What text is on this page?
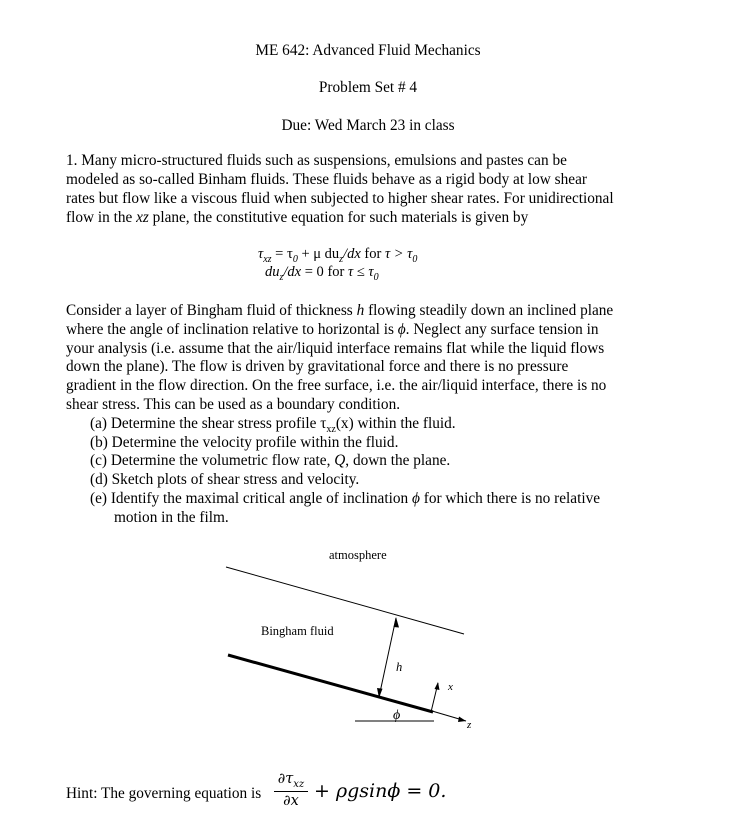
ME 642: Advanced Fluid Mechanics
Problem Set # 4
Due: Wed March 23 in class
1. Many micro-structured fluids such as suspensions, emulsions and pastes can be
modeled as so-called Binham fluids. These fluids behave as a rigid body at low shear
rates but flow like a viscous fluid when subjected to higher shear rates. For unidirectional
flow in the xz plane, the constitutive equation for such materials is given by
$\tau_{xz} = \tau_0 + \mu$ $du_z/dx$ for $\tau > \tau_0$
$du_z/dx = 0$ for $\tau \le \tau_0$
Consider a layer of Bingham fluid of thickness h flowing steadily down an inclined plane
where the angle of inclination relative to horizontal is ϕ. Neglect any surface tension in
your analysis (i.e. assume that the air/liquid interface remains flat while the liquid flows
down the plane). The flow is driven by gravitational force and there is no pressure
gradient in the flow direction. On the free surface, i.e. the air/liquid interface, there is no
shear stress. This can be used as a boundary condition.
(a) Determine the shear stress profile $\tau_{xz}(x)$ within the fluid.
(b) Determine the velocity profile within the fluid.
(c) Determine the volumetric flow rate, Q, down the plane.
(d) Sketch plots of shear stress and velocity.
(e) Identify the maximal critical angle of inclination ϕ for which there is no relative
motion in the film.
atmosphere
Bingham fluid
h
ϕ
x
z
Hint: The governing equation is
$\partial\tau_{xz}$
∂x + ρgsinϕ = 0.
